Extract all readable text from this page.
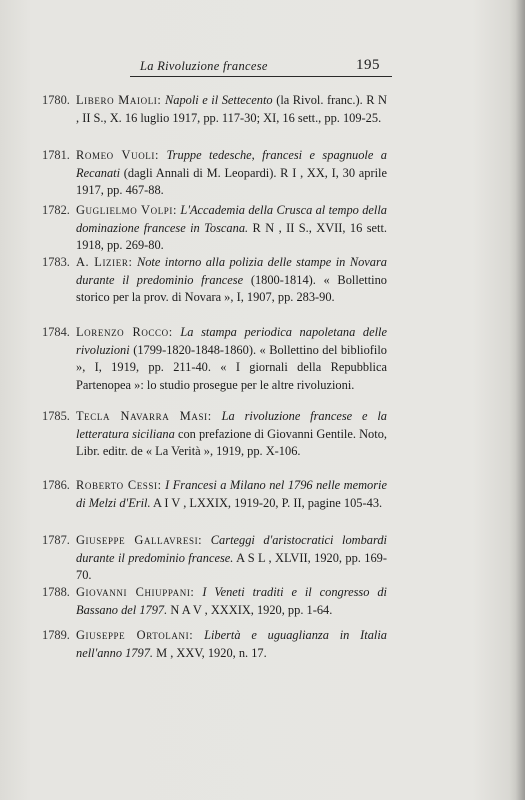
La Rivoluzione francese	195
1780. Libero Maioli: Napoli e il Settecento (la Rivol. franc.). R N , II S., X. 16 luglio 1917, pp. 117-30; XI, 16 sett., pp. 109-25.
1781. Romeo Vuoli: Truppe tedesche, francesi e spagnuole a Recanati (dagli Annali di M. Leopardi). R I , XX, I, 30 aprile 1917, pp. 467-88.
1782. Guglielmo Volpi: L'Accademia della Crusca al tempo della dominazione francese in Toscana. R N , II S., XVII, 16 sett. 1918, pp. 269-80.
1783. A. Lizier: Note intorno alla polizia delle stampe in Novara durante il predominio francese (1800-1814). « Bollettino storico per la prov. di Novara », I, 1907, pp. 283-90.
1784. Lorenzo Rocco: La stampa periodica napoletana delle rivoluzioni (1799-1820-1848-1860). « Bollettino del bibliofilo », I, 1919, pp. 211-40. « I giornali della Repubblica Partenopea »: lo studio prosegue per le altre rivoluzioni.
1785. Tecla Navarra Masi: La rivoluzione francese e la letteratura siciliana con prefazione di Giovanni Gentile. Noto, Libr. editr. de « La Verità », 1919, pp. X-106.
1786. Roberto Cessi: I Francesi a Milano nel 1796 nelle memorie di Melzi d'Eril. A I V , LXXIX, 1919-20, P. II, pagine 105-43.
1787. Giuseppe Gallavresi: Carteggi d'aristocratici lombardi durante il predominio francese. A S L , XLVII, 1920, pp. 169-70.
1788. Giovanni Chiuppani: I Veneti traditi e il congresso di Bassano del 1797. N A V , XXXIX, 1920, pp. 1-64.
1789. Giuseppe Ortolani: Libertà e uguaglianza in Italia nell'anno 1797. M , XXV, 1920, n. 17.
